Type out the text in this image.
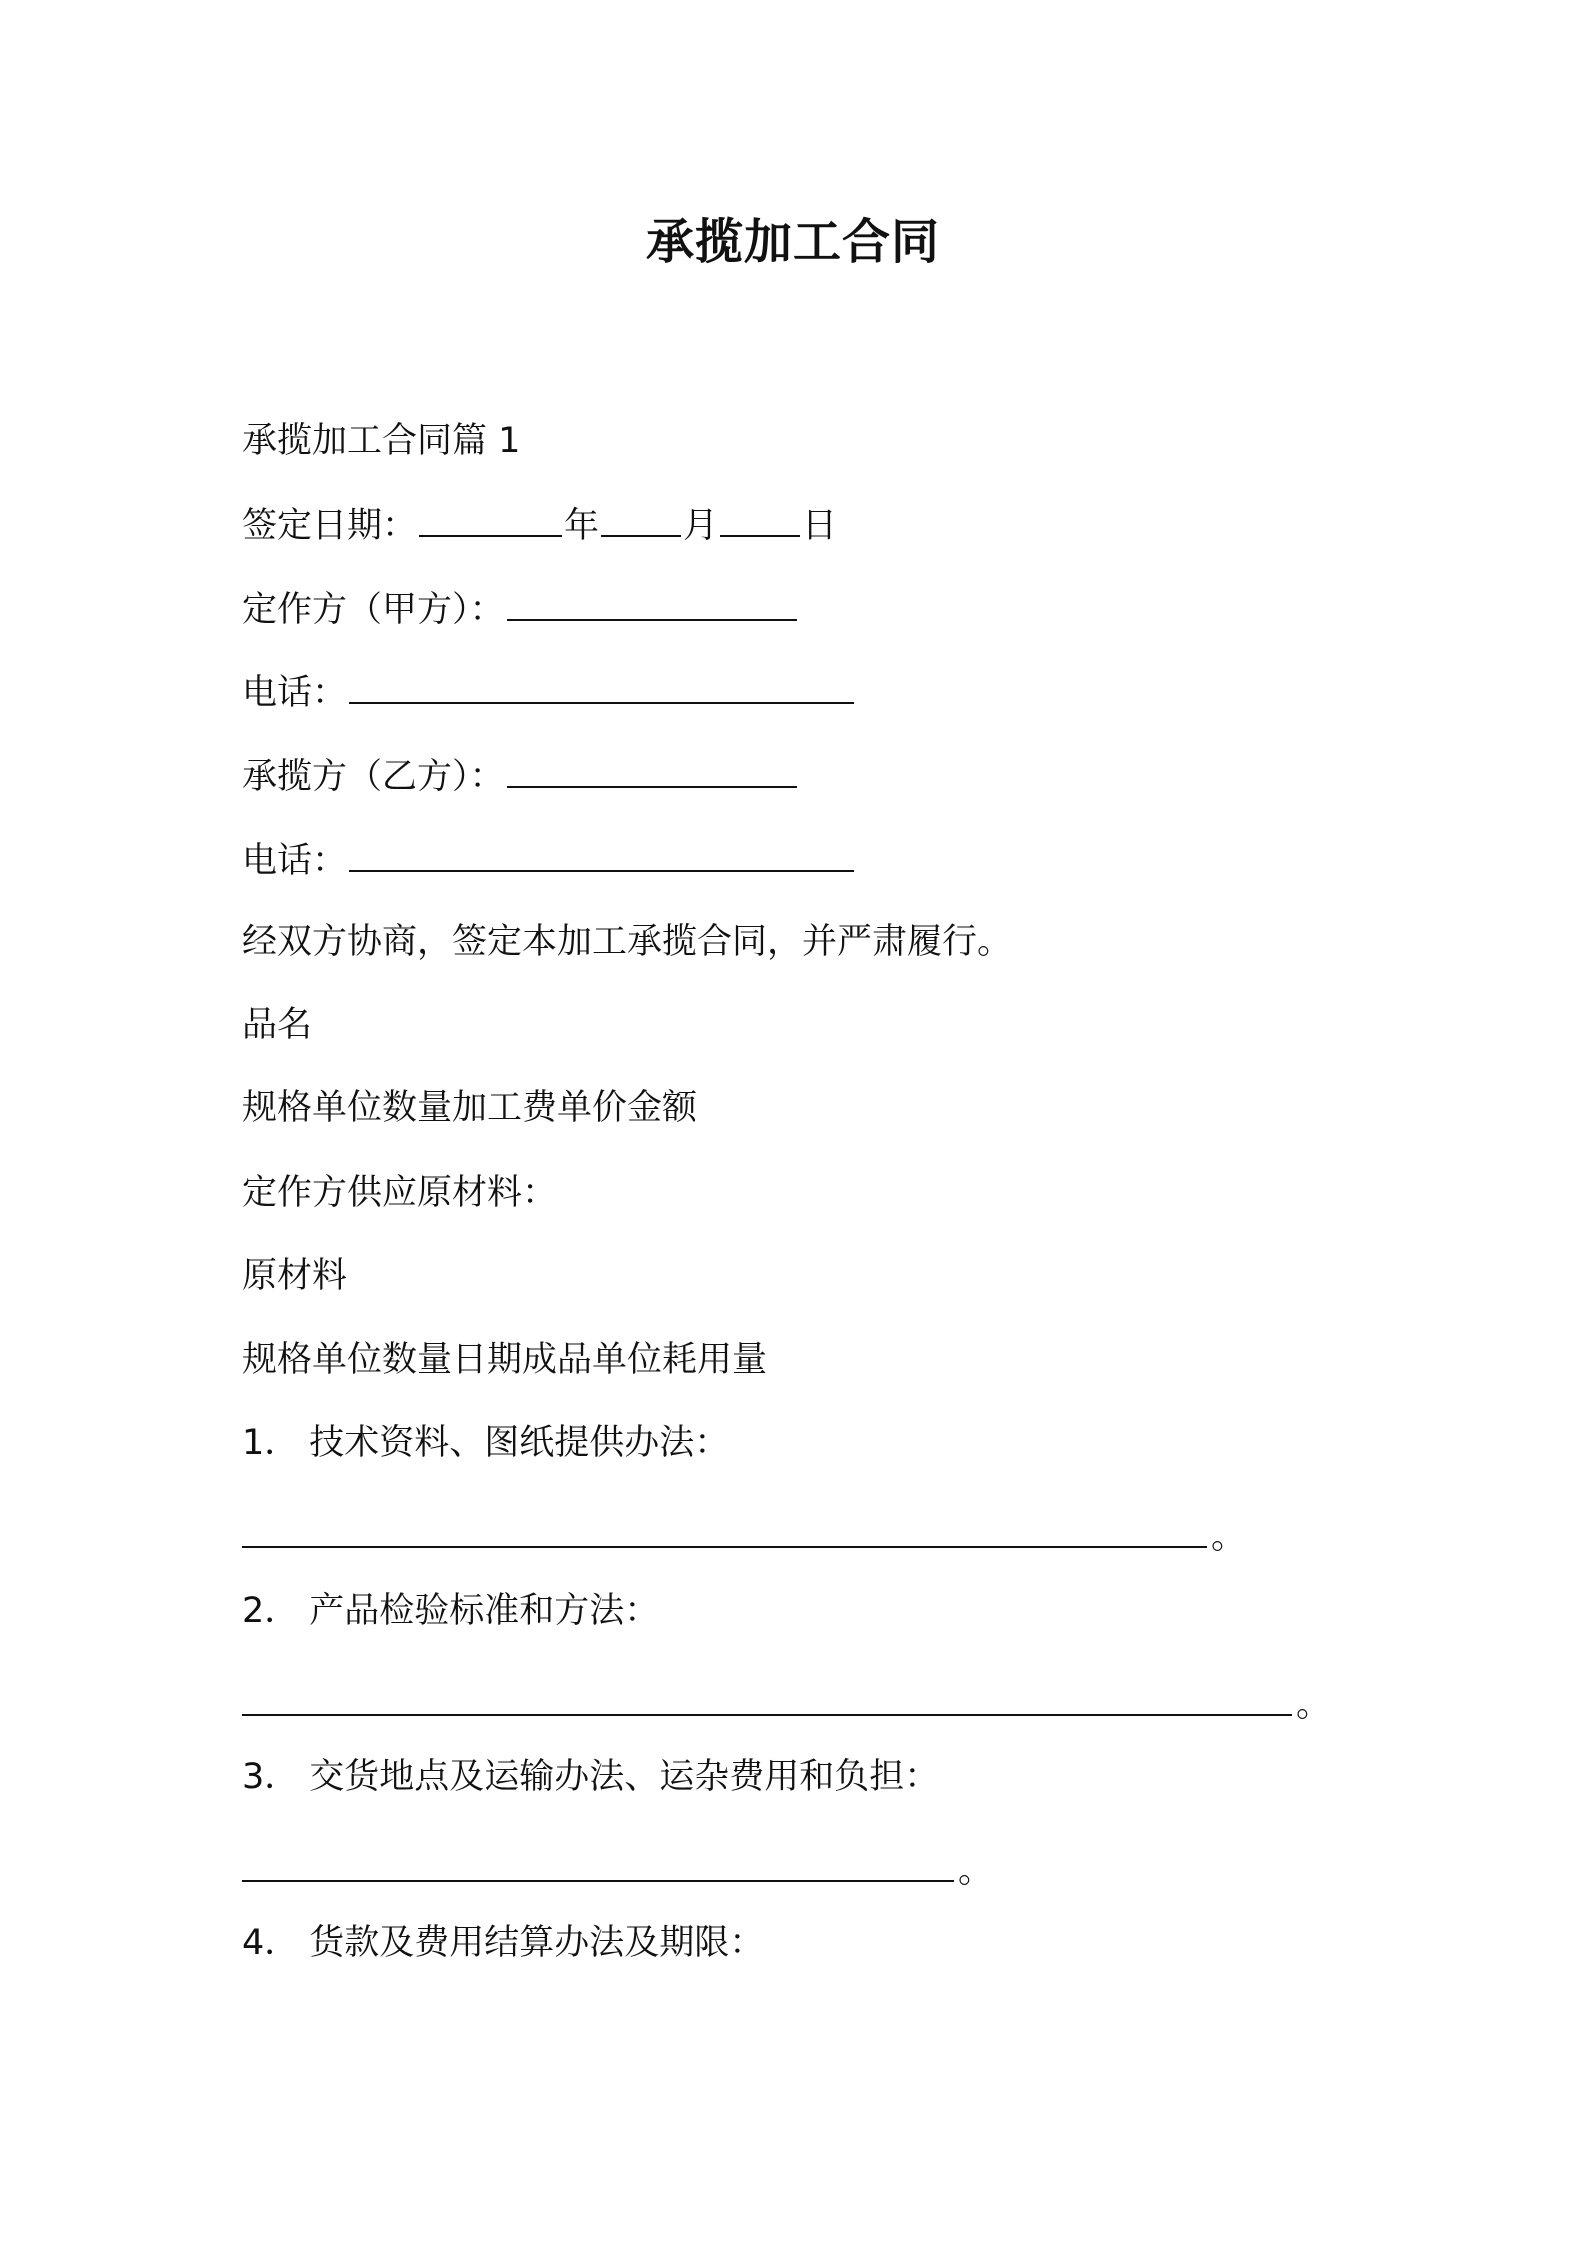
承揽加工合同
承揽加工合同篇 1
签定日期：	年 月 日
定作方（甲方）：
电话：
承揽方（乙方）：
电话：
经双方协商，签定本加工承揽合同，并严肃履行。
品名
规格单位数量加工费单价金额
定作方供应原材料：
原材料
规格单位数量日期成品单位耗用量
1． 技术资料、图纸提供办法：
。
2． 产品检验标准和方法：
。
3． 交货地点及运输办法、运杂费用和负担：
。
4． 货款及费用结算办法及期限：
